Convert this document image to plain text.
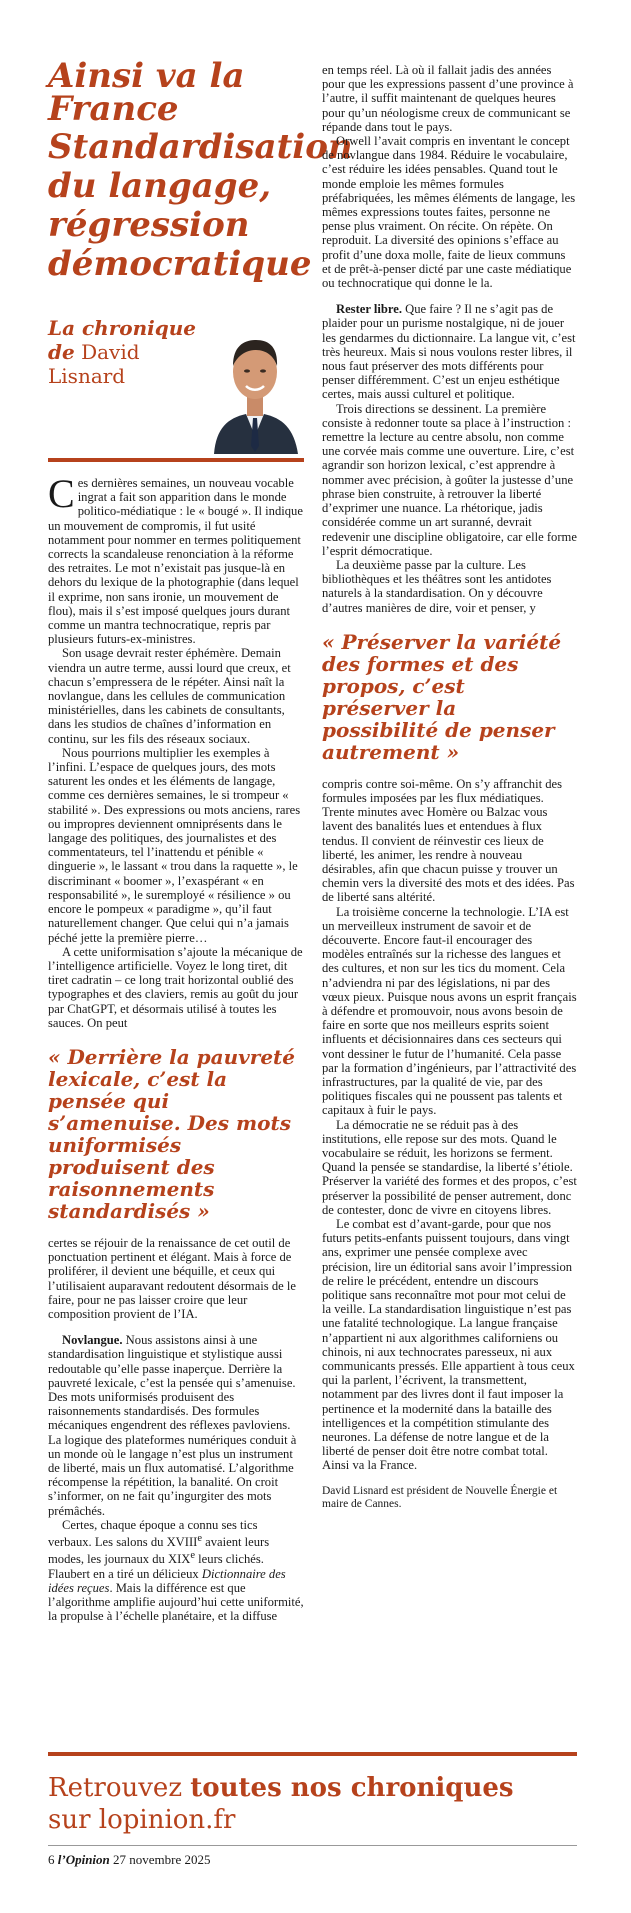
Ainsi va la France
Standardisation du langage, régression démocratique
La chronique
de David
Lisnard

Ces dernières semaines, un nouveau vocable ingrat a fait son apparition dans le monde politico-médiatique : le « bougé ». Il indique un mouvement de compromis, il fut usité notamment pour nommer en termes politiquement corrects la scandaleuse renonciation à la réforme des retraites. Le mot n’existait pas jusque-là en dehors du lexique de la photographie (dans lequel il exprime, non sans ironie, un mouvement de flou), mais il s’est imposé quelques jours durant comme un mantra technocratique, repris par plusieurs futurs-ex-ministres.

Son usage devrait rester éphémère. Demain viendra un autre terme, aussi lourd que creux, et chacun s’empressera de le répéter. Ainsi naît la novlangue, dans les cellules de communication ministérielles, dans les cabinets de consultants, dans les studios de chaînes d’information en continu, sur les fils des réseaux sociaux.

Nous pourrions multiplier les exemples à l’infini. L’espace de quelques jours, des mots saturent les ondes et les éléments de langage, comme ces dernières semaines, le si trompeur « stabilité ». Des expressions ou mots anciens, rares ou impropres deviennent omniprésents dans le langage des politiques, des journalistes et des commentateurs, tel l’inattendu et pénible « dinguerie », le lassant « trou dans la raquette », le discriminant « boomer », l’exaspérant « en responsabilité », le suremployé « résilience » ou encore le pompeux « paradigme », qu’il faut naturellement changer. Que celui qui n’a jamais péché jette la première pierre…

A cette uniformisation s’ajoute la mécanique de l’intelligence artificielle. Voyez le long tiret, dit tiret cadratin – ce long trait horizontal oublié des typographes et des claviers, remis au goût du jour par ChatGPT, et désormais utilisé à toutes les sauces. On peut

« Derrière la pauvreté lexicale, c’est la pensée qui s’amenuise. Des mots uniformisés produisent des raisonnements standardisés »

certes se réjouir de la renaissance de cet outil de ponctuation pertinent et élégant. Mais à force de proliférer, il devient une béquille, et ceux qui l’utilisaient auparavant redoutent désormais de le faire, pour ne pas laisser croire que leur composition provient de l’IA.

Novlangue. Nous assistons ainsi à une standardisation linguistique et stylistique aussi redoutable qu’elle passe inaperçue. Derrière la pauvreté lexicale, c’est la pensée qui s’amenuise. Des mots uniformisés produisent des raisonnements standardisés. Des formules mécaniques engendrent des réflexes pavloviens. La logique des plateformes numériques conduit à un monde où le langage n’est plus un instrument de liberté, mais un flux automatisé. L’algorithme récompense la répétition, la banalité. On croit s’informer, on ne fait qu’ingurgiter des mots prémâchés.

Certes, chaque époque a connu ses tics verbaux. Les salons du XVIIIe avaient leurs modes, les journaux du XIXe leurs clichés. Flaubert en a tiré un délicieux Dictionnaire des idées reçues. Mais la différence est que l’algorithme amplifie aujourd’hui cette uniformité, la propulse à l’échelle planétaire, et la diffuse

en temps réel. Là où il fallait jadis des années pour que les expressions passent d’une province à l’autre, il suffit maintenant de quelques heures pour qu’un néologisme creux de communicant se répande dans tout le pays.

Orwell l’avait compris en inventant le concept de novlangue dans 1984. Réduire le vocabulaire, c’est réduire les idées pensables. Quand tout le monde emploie les mêmes formules préfabriquées, les mêmes éléments de langage, les mêmes expressions toutes faites, personne ne pense plus vraiment. On récite. On répète. On reproduit. La diversité des opinions s’efface au profit d’une doxa molle, faite de lieux communs et de prêt-à-penser dicté par une caste médiatique ou technocratique qui donne le la.

Rester libre. Que faire ? Il ne s’agit pas de plaider pour un purisme nostalgique, ni de jouer les gendarmes du dictionnaire. La langue vit, c’est très heureux. Mais si nous voulons rester libres, il nous faut préserver des mots différents pour penser différemment. C’est un enjeu esthétique certes, mais aussi culturel et politique.

Trois directions se dessinent. La première consiste à redonner toute sa place à l’instruction : remettre la lecture au centre absolu, non comme une corvée mais comme une ouverture. Lire, c’est agrandir son horizon lexical, c’est apprendre à nommer avec précision, à goûter la justesse d’une phrase bien construite, à retrouver la liberté d’exprimer une nuance. La rhétorique, jadis considérée comme un art suranné, devrait redevenir une discipline obligatoire, car elle forme l’esprit démocratique.

La deuxième passe par la culture. Les bibliothèques et les théâtres sont les antidotes naturels à la standardisation. On y découvre d’autres manières de dire, voir et penser, y

« Préserver la variété des formes et des propos, c’est préserver la possibilité de penser autrement »

compris contre soi-même. On s’y affranchit des formules imposées par les flux médiatiques. Trente minutes avec Homère ou Balzac vous lavent des banalités lues et entendues à flux tendus. Il convient de réinvestir ces lieux de liberté, les animer, les rendre à nouveau désirables, afin que chacun puisse y trouver un chemin vers la diversité des mots et des idées. Pas de liberté sans altérité.

La troisième concerne la technologie. L’IA est un merveilleux instrument de savoir et de découverte. Encore faut-il encourager des modèles entraînés sur la richesse des langues et des cultures, et non sur les tics du moment. Cela n’adviendra ni par des législations, ni par des vœux pieux. Puisque nous avons un esprit français à défendre et promouvoir, nous avons besoin de faire en sorte que nos meilleurs esprits soient influents et décisionnaires dans ces secteurs qui vont dessiner le futur de l’humanité. Cela passe par la formation d’ingénieurs, par l’attractivité des infrastructures, par la qualité de vie, par des politiques fiscales qui ne poussent pas talents et capitaux à fuir le pays.

La démocratie ne se réduit pas à des institutions, elle repose sur des mots. Quand le vocabulaire se réduit, les horizons se ferment. Quand la pensée se standardise, la liberté s’étiole. Préserver la variété des formes et des propos, c’est préserver la possibilité de penser autrement, donc de contester, donc de vivre en citoyens libres.

Le combat est d’avant-garde, pour que nos futurs petits-enfants puissent toujours, dans vingt ans, exprimer une pensée complexe avec précision, lire un éditorial sans avoir l’impression de relire le précédent, entendre un discours politique sans reconnaître mot pour mot celui de la veille. La standardisation linguistique n’est pas une fatalité technologique. La langue française n’appartient ni aux algorithmes californiens ou chinois, ni aux technocrates paresseux, ni aux communicants pressés. Elle appartient à tous ceux qui la parlent, l’écrivent, la transmettent, notamment par des livres dont il faut imposer la pertinence et la modernité dans la bataille des intelligences et la compétition stimulante des neurones. La défense de notre langue et de la liberté de penser doit être notre combat total. Ainsi va la France.

David Lisnard est président de Nouvelle Énergie et maire de Cannes.
Retrouvez toutes nos chroniques
sur lopinion.fr
6 l’Opinion 27 novembre 2025
